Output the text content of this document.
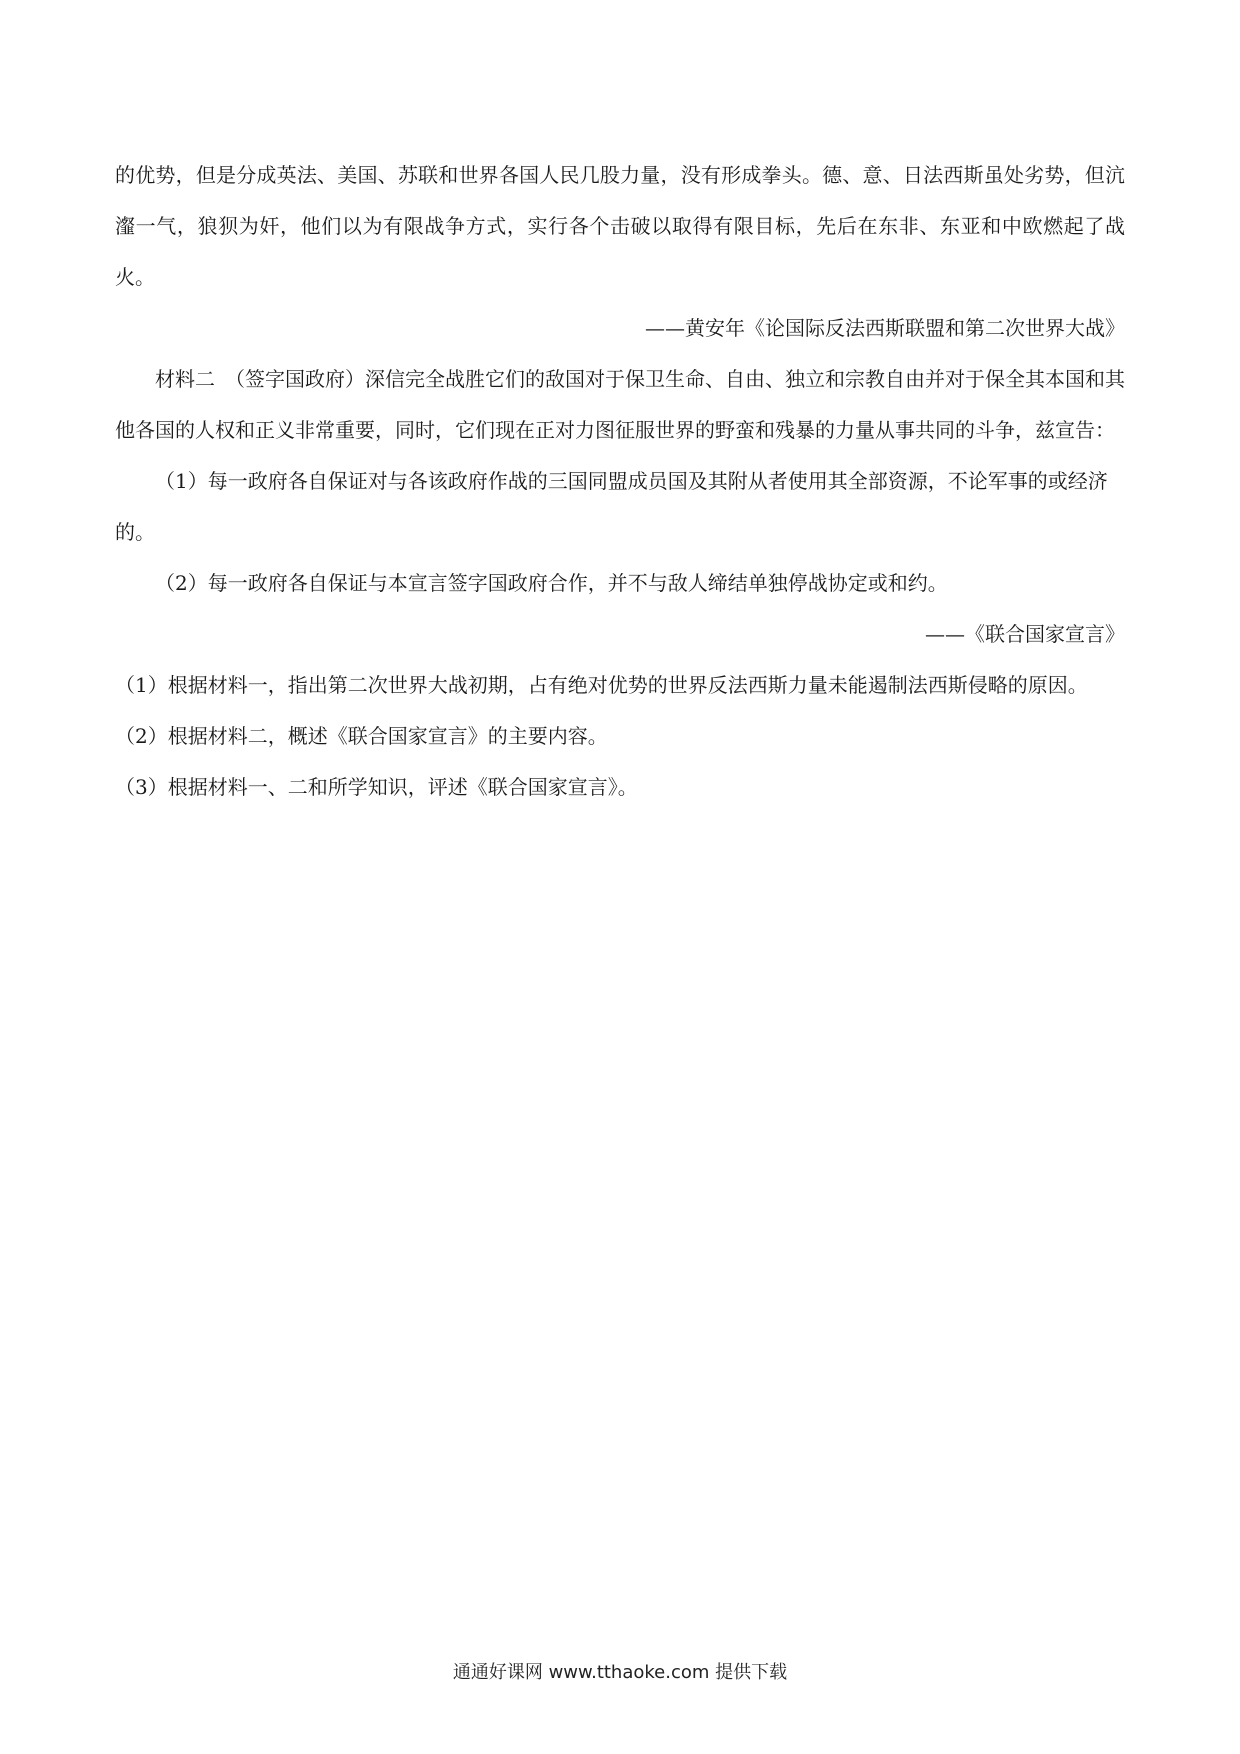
的优势，但是分成英法、美国、苏联和世界各国人民几股力量，没有形成拳头。德、意、日法西斯虽处劣势，但沆瀣一气，狼狈为奸，他们以为有限战争方式，实行各个击破以取得有限目标，先后在东非、东亚和中欧燃起了战火。

——黄安年《论国际反法西斯联盟和第二次世界大战》

材料二　（签字国政府）深信完全战胜它们的敌国对于保卫生命、自由、独立和宗教自由并对于保全其本国和其他各国的人权和正义非常重要，同时，它们现在正对力图征服世界的野蛮和残暴的力量从事共同的斗争，兹宣告：

（1）每一政府各自保证对与各该政府作战的三国同盟成员国及其附从者使用其全部资源，不论军事的或经济的。

（2）每一政府各自保证与本宣言签字国政府合作，并不与敌人缔结单独停战协定或和约。

——《联合国家宣言》

（1）根据材料一，指出第二次世界大战初期，占有绝对优势的世界反法西斯力量未能遏制法西斯侵略的原因。

（2）根据材料二，概述《联合国家宣言》的主要内容。

（3）根据材料一、二和所学知识，评述《联合国家宣言》。

通通好课网 www.tthaoke.com 提供下载
